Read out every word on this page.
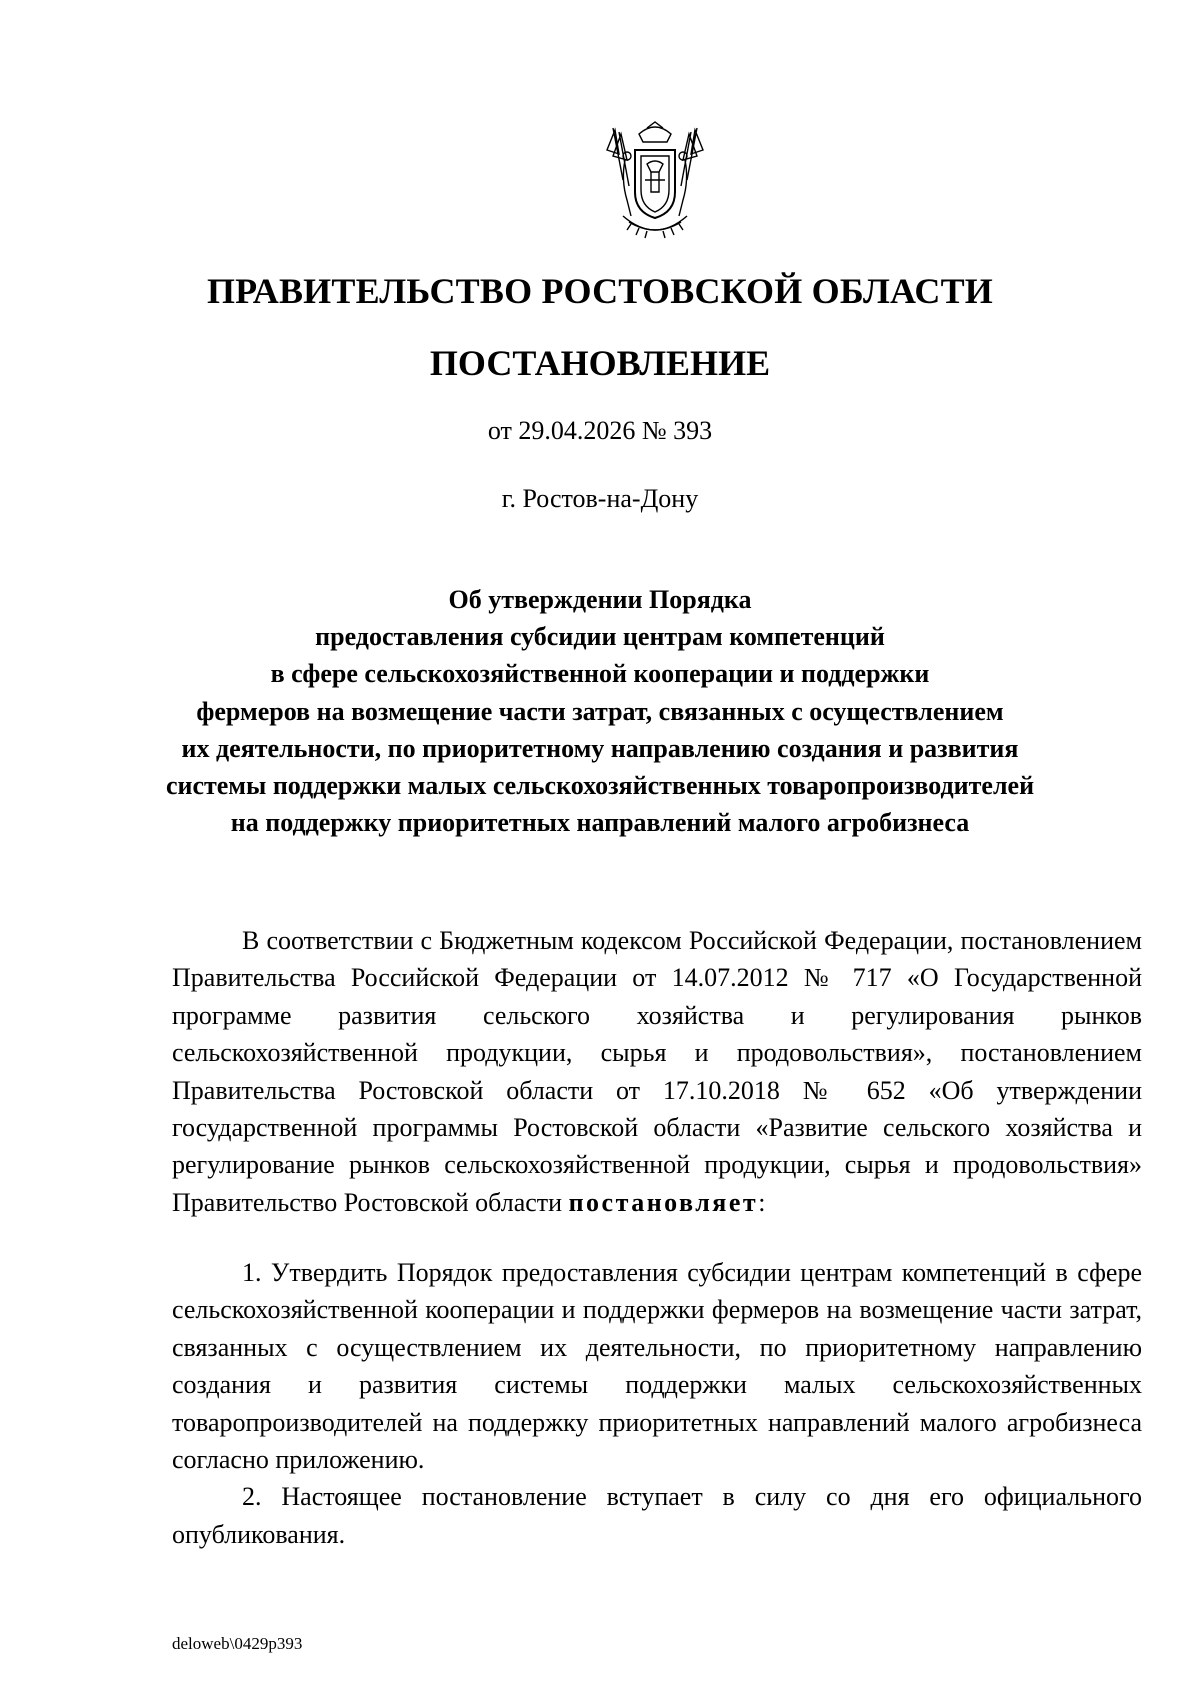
ПРАВИТЕЛЬСТВО РОСТОВСКОЙ ОБЛАСТИ
ПОСТАНОВЛЕНИЕ
от 29.04.2026 № 393
г. Ростов-на-Дону
Об утверждении Порядка
предоставления субсидии центрам компетенций
в сфере сельскохозяйственной кооперации и поддержки
фермеров на возмещение части затрат, связанных с осуществлением
их деятельности, по приоритетному направлению создания и развития
системы поддержки малых сельскохозяйственных товаропроизводителей
на поддержку приоритетных направлений малого агробизнеса

В соответствии с Бюджетным кодексом Российской Федерации, постановлением Правительства Российской Федерации от 14.07.2012 № 717 «О Государственной программе развития сельского хозяйства и регулирования рынков сельскохозяйственной продукции, сырья и продовольствия», постановлением Правительства Ростовской области от 17.10.2018 № 652 «Об утверждении государственной программы Ростовской области «Развитие сельского хозяйства и регулирование рынков сельскохозяйственной продукции, сырья и продовольствия» Правительство Ростовской области постановляет:

1. Утвердить Порядок предоставления субсидии центрам компетенций в сфере сельскохозяйственной кооперации и поддержки фермеров на возмещение части затрат, связанных с осуществлением их деятельности, по приоритетному направлению создания и развития системы поддержки малых сельскохозяйственных товаропроизводителей на поддержку приоритетных направлений малого агробизнеса согласно приложению.

2. Настоящее постановление вступает в силу со дня его официального опубликования.

deloweb\0429p393
